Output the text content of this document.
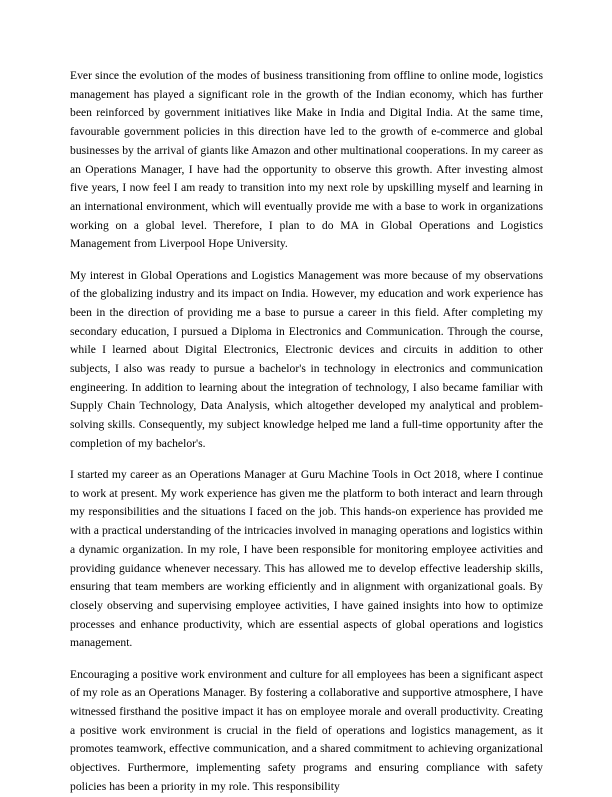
Ever since the evolution of the modes of business transitioning from offline to online mode, logistics management has played a significant role in the growth of the Indian economy, which has further been reinforced by government initiatives like Make in India and Digital India. At the same time, favourable government policies in this direction have led to the growth of e-commerce and global businesses by the arrival of giants like Amazon and other multinational cooperations. In my career as an Operations Manager, I have had the opportunity to observe this growth. After investing almost five years, I now feel I am ready to transition into my next role by upskilling myself and learning in an international environment, which will eventually provide me with a base to work in organizations working on a global level. Therefore, I plan to do MA in Global Operations and Logistics Management from Liverpool Hope University.

My interest in Global Operations and Logistics Management was more because of my observations of the globalizing industry and its impact on India. However, my education and work experience has been in the direction of providing me a base to pursue a career in this field. After completing my secondary education, I pursued a Diploma in Electronics and Communication. Through the course, while I learned about Digital Electronics, Electronic devices and circuits in addition to other subjects, I also was ready to pursue a bachelor's in technology in electronics and communication engineering. In addition to learning about the integration of technology, I also became familiar with Supply Chain Technology, Data Analysis, which altogether developed my analytical and problem-solving skills. Consequently, my subject knowledge helped me land a full-time opportunity after the completion of my bachelor's.

I started my career as an Operations Manager at Guru Machine Tools in Oct 2018, where I continue to work at present. My work experience has given me the platform to both interact and learn through my responsibilities and the situations I faced on the job. This hands-on experience has provided me with a practical understanding of the intricacies involved in managing operations and logistics within a dynamic organization. In my role, I have been responsible for monitoring employee activities and providing guidance whenever necessary. This has allowed me to develop effective leadership skills, ensuring that team members are working efficiently and in alignment with organizational goals. By closely observing and supervising employee activities, I have gained insights into how to optimize processes and enhance productivity, which are essential aspects of global operations and logistics management.

Encouraging a positive work environment and culture for all employees has been a significant aspect of my role as an Operations Manager. By fostering a collaborative and supportive atmosphere, I have witnessed firsthand the positive impact it has on employee morale and overall productivity. Creating a positive work environment is crucial in the field of operations and logistics management, as it promotes teamwork, effective communication, and a shared commitment to achieving organizational objectives. Furthermore, implementing safety programs and ensuring compliance with safety policies has been a priority in my role. This responsibility
